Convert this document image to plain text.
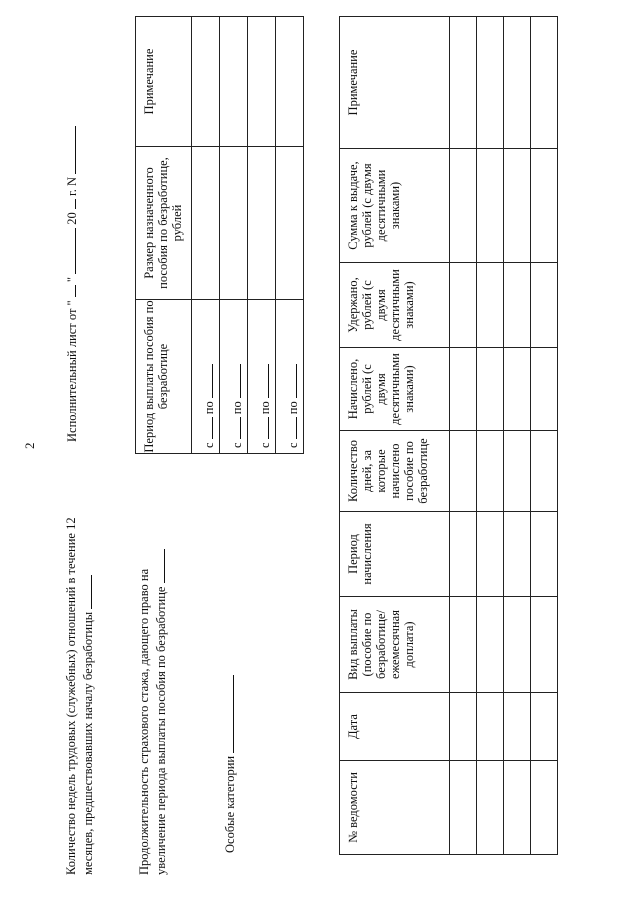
2
Количество недель трудовых (служебных) отношений в течение 12 месяцев, предшествовавших началу безработицы	Продолжительность страхового стажа, дающего право на увеличение периода выплаты пособия по безработице	Особые категории
Исполнительный лист от "  "  20  г. N
Период выплаты пособия по безработице	Размер назначенного пособия по безработице, рублей	Примечание
с  по		
с  по		
с  по		
с  по		
№ ведомости	Дата	Вид выплаты (пособие по безработице/ ежемесячная доплата)	Период начисления	Количество дней, за которые начислено пособие по безработице	Начислено, рублей (с двумя десятичными знаками)	Удержано, рублей (с двумя десятичными знаками)	Сумма к выдаче, рублей (с двумя десятичными знаками)	Примечание
